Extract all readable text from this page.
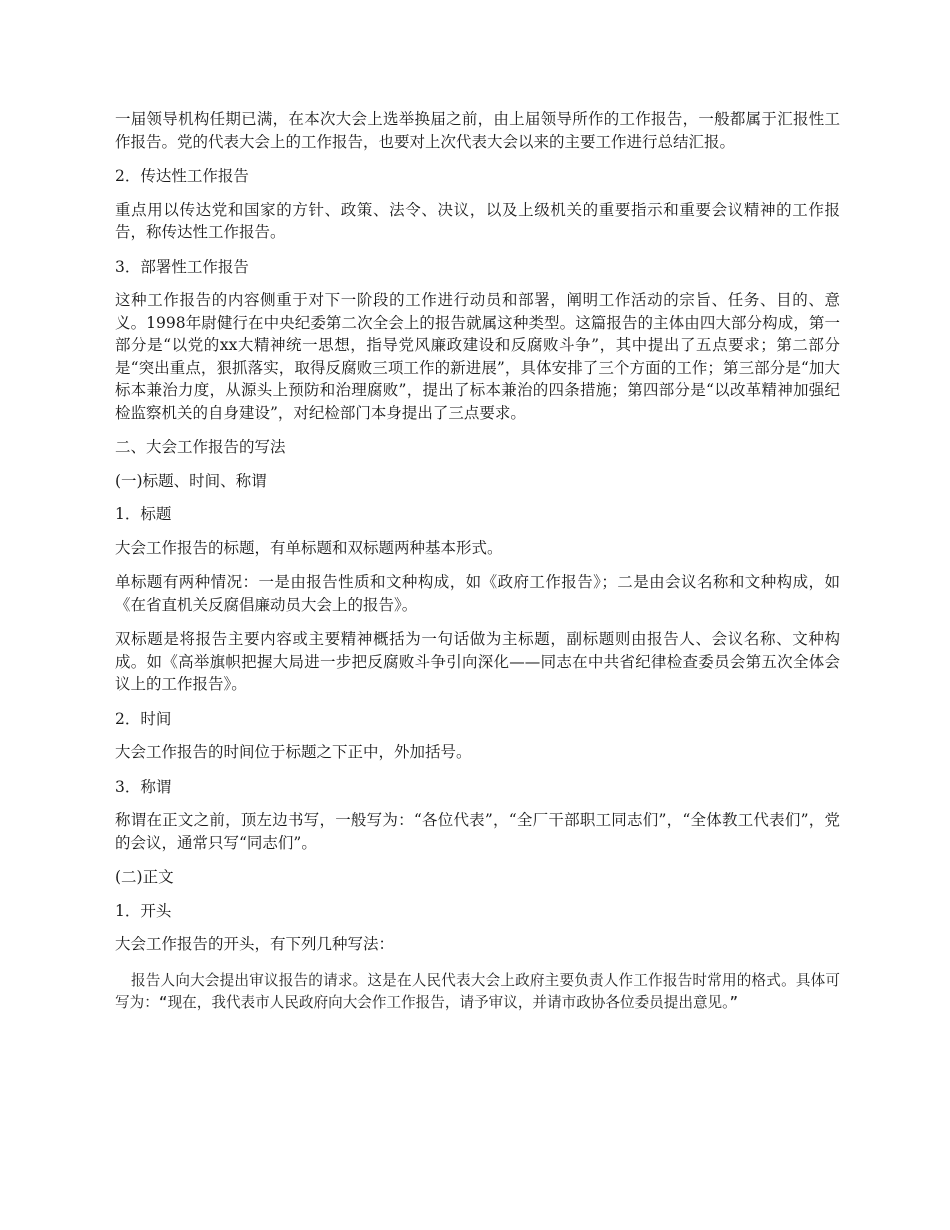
一届领导机构任期已满，在本次大会上选举换届之前，由上届领导所作的工作报告，一般都属于汇报性工作报告。党的代表大会上的工作报告，也要对上次代表大会以来的主要工作进行总结汇报。

2．传达性工作报告

重点用以传达党和国家的方针、政策、法令、决议，以及上级机关的重要指示和重要会议精神的工作报告，称传达性工作报告。

3．部署性工作报告

这种工作报告的内容侧重于对下一阶段的工作进行动员和部署，阐明工作活动的宗旨、任务、目的、意义。1998年尉健行在中央纪委第二次全会上的报告就属这种类型。这篇报告的主体由四大部分构成，第一部分是“以党的xx大精神统一思想，指导党风廉政建设和反腐败斗争”，其中提出了五点要求；第二部分是“突出重点，狠抓落实，取得反腐败三项工作的新进展”，具体安排了三个方面的工作；第三部分是“加大标本兼治力度，从源头上预防和治理腐败”，提出了标本兼治的四条措施；第四部分是“以改革精神加强纪检监察机关的自身建设”，对纪检部门本身提出了三点要求。

二、大会工作报告的写法

(一)标题、时间、称谓

1．标题

大会工作报告的标题，有单标题和双标题两种基本形式。

单标题有两种情况：一是由报告性质和文种构成，如《政府工作报告》；二是由会议名称和文种构成，如《在省直机关反腐倡廉动员大会上的报告》。

双标题是将报告主要内容或主要精神概括为一句话做为主标题，副标题则由报告人、会议名称、文种构成。如《高举旗帜把握大局进一步把反腐败斗争引向深化——同志在中共省纪律检查委员会第五次全体会议上的工作报告》。

2．时间

大会工作报告的时间位于标题之下正中，外加括号。

3．称谓

称谓在正文之前，顶左边书写，一般写为：“各位代表”，“全厂干部职工同志们”，“全体教工代表们”，党的会议，通常只写“同志们”。

(二)正文

1．开头

大会工作报告的开头，有下列几种写法：

报告人向大会提出审议报告的请求。这是在人民代表大会上政府主要负责人作工作报告时常用的格式。具体可写为：“现在，我代表市人民政府向大会作工作报告，请予审议，并请市政协各位委员提出意见。”
